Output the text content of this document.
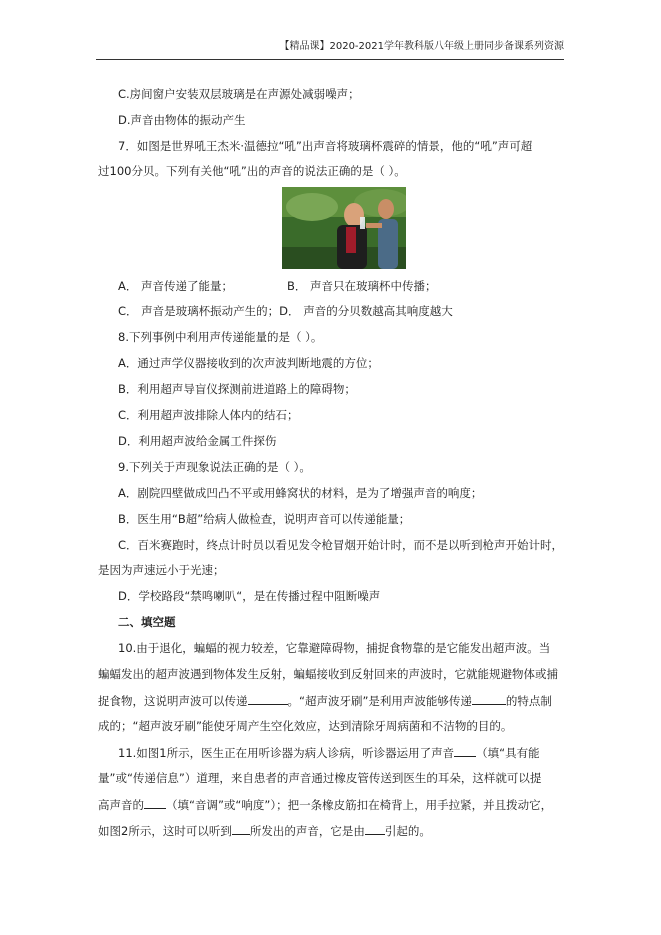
【精品课】2020-2021学年教科版八年级上册同步备课系列资源
C.房间窗户安装双层玻璃是在声源处减弱噪声；
D.声音由物体的振动产生
7．如图是世界吼王杰米·温德拉“吼”出声音将玻璃杯震碎的情景，他的“吼”声可超
过100分贝。下列有关他“吼”出的声音的说法正确的是（ ）。
A． 声音传递了能量；	B． 声音只在玻璃杯中传播；
C． 声音是玻璃杯振动产生的；D． 声音的分贝数越高其响度越大
8.下列事例中利用声传递能量的是（ ）。
A．通过声学仪器接收到的次声波判断地震的方位；
B．利用超声导盲仪探测前进道路上的障碍物；
C．利用超声波排除人体内的结石；
D．利用超声波给金属工件探伤
9.下列关于声现象说法正确的是（ ）。
A．剧院四壁做成凹凸不平或用蜂窝状的材料，是为了增强声音的响度；
B．医生用“B超”给病人做检查，说明声音可以传递能量；
C．百米赛跑时，终点计时员以看见发令枪冒烟开始计时，而不是以听到枪声开始计时，
是因为声速远小于光速；
D．学校路段“禁鸣喇叭“，是在传播过程中阻断噪声
二、填空题
10.由于退化，蝙蝠的视力较差，它靠避障碍物，捕捉食物靠的是它能发出超声波。当
蝙蝠发出的超声波遇到物体发生反射，蝙蝠接收到反射回来的声波时，它就能规避物体或捕
捉食物，这说明声波可以传递	。“超声波牙刷”是利用声波能够传递	的特点制
成的；“超声波牙刷”能使牙周产生空化效应，达到清除牙周病菌和不洁物的目的。
11.如图1所示，医生正在用听诊器为病人诊病，听诊器运用了声音 （填“具有能
量”或“传递信息”）道理，来自患者的声音通过橡皮管传送到医生的耳朵，这样就可以提
高声音的 （填“音调”或“响度”）；把一条橡皮筋扣在椅背上，用手拉紧，并且拨动它，
如图2所示，这时可以听到 所发出的声音，它是由 引起的。
